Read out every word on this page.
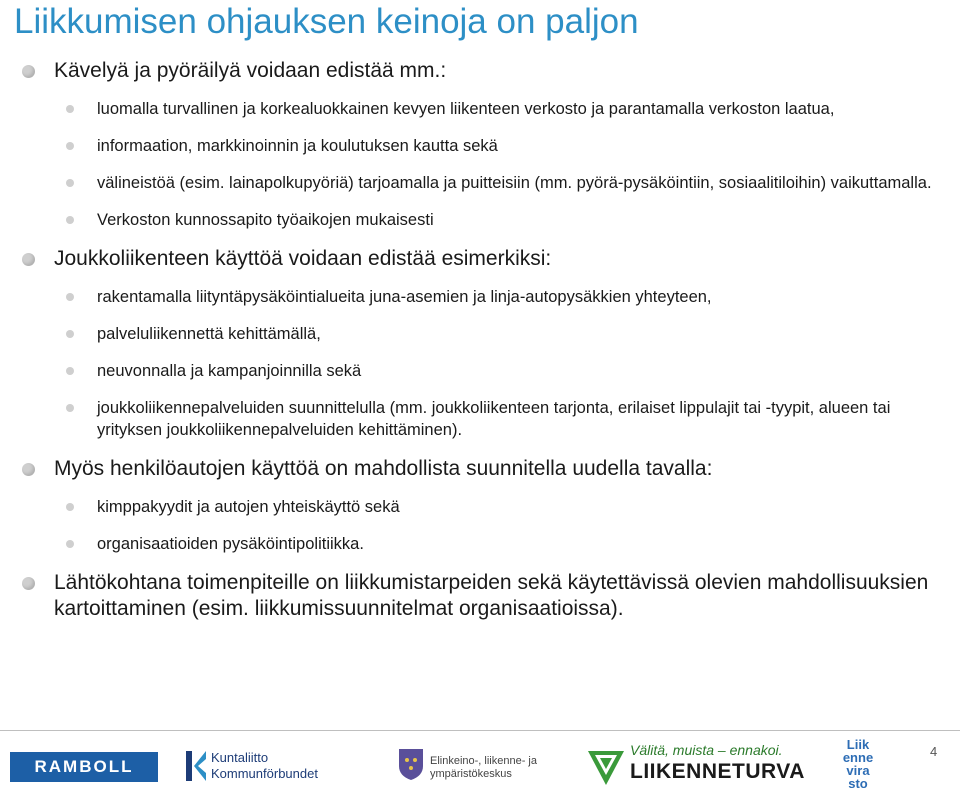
Liikkumisen ohjauksen keinoja on paljon
Kävelyä ja pyöräilyä voidaan edistää mm.:
luomalla turvallinen ja korkealuokkainen kevyen liikenteen verkosto ja parantamalla verkoston laatua,
informaation, markkinoinnin ja koulutuksen kautta sekä
välineistöä (esim. lainapolkupyöriä) tarjoamalla ja puitteisiin (mm. pyörä-pysäköintiin, sosiaalitiloihin) vaikuttamalla.
Verkoston kunnossapito työaikojen mukaisesti
Joukkoliikenteen käyttöä voidaan edistää esimerkiksi:
rakentamalla liityntäpysäköintialueita juna-asemien ja linja-autopysäkkien yhteyteen,
palveluliikennettä kehittämällä,
neuvonnalla ja kampanjoinnilla sekä
joukkoliikennepalveluiden suunnittelulla (mm. joukkoliikenteen tarjonta, erilaiset lippulajit tai -tyypit, alueen tai yrityksen joukkoliikennepalveluiden kehittäminen).
Myös henkilöautojen käyttöä on mahdollista suunnitella uudella tavalla:
kimppakyydit ja autojen yhteiskäyttö sekä
organisaatioiden pysäköintipolitiikka.
Lähtökohtana toimenpiteille on liikkumistarpeiden sekä käytettävissä olevien mahdollisuuksien kartoittaminen (esim. liikkumissuunnitelmat organisaatioissa).
4
RAMBOLL	Kuntaliitto
Kommunförbundet
Elinkeino-, liikenne- ja
ympäristökeskus
Välitä, muista – ennakoi.
LIIKENNETURVA
Liik
enne
vira
sto
